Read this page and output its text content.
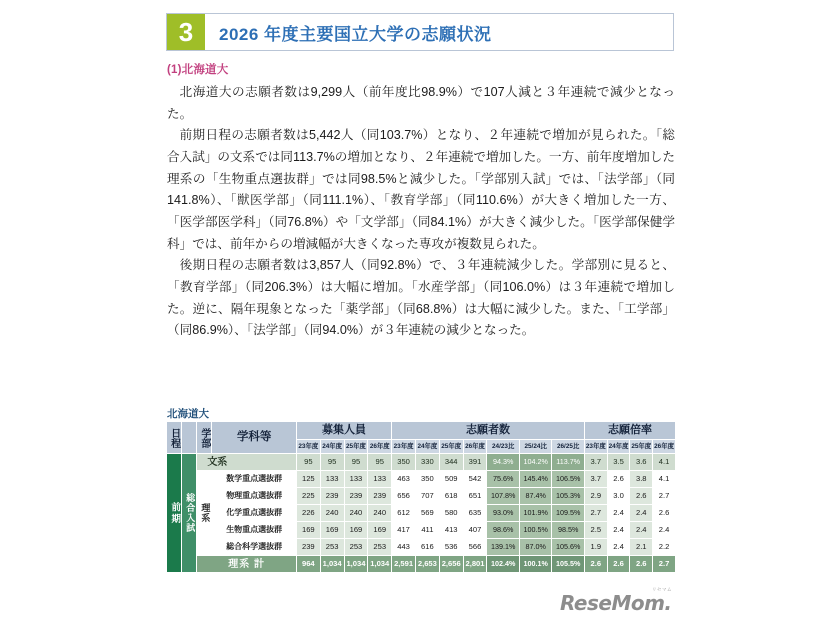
3	2026 年度主要国立大学の志願状況
(1)北海道大

北海道大の志願者数は9,299人（前年度比98.9%）で107人減と３年連続で減少となった。

前期日程の志願者数は5,442人（同103.7%）となり、２年連続で増加が見られた。「総合入試」の文系では同113.7%の増加となり、２年連続で増加した。一方、前年度増加した理系の「生物重点選抜群」では同98.5%と減少した。「学部別入試」では、「法学部」（同141.8%）、「獣医学部」（同111.1%）、「教育学部」（同110.6%）が大きく増加した一方、「医学部医学科」（同76.8%）や「文学部」（同84.1%）が大きく減少した。「医学部保健学科」では、前年からの増減幅が大きくなった専攻が複数見られた。

後期日程の志願者数は3,857人（同92.8%）で、３年連続減少した。学部別に見ると、「教育学部」（同206.3%）は大幅に増加。「水産学部」（同106.0%）は３年連続で増加した。逆に、隔年現象となった「薬学部」（同68.8%）は大幅に減少した。また、「工学部」（同86.9%）、「法学部」（同94.0%）が３年連続の減少となった。

北海道大
日程		学部	学科等	募集人員				志願者数							志願倍率			
				23年度	24年度	25年度	26年度	23年度	24年度	25年度	26年度	24/23比	25/24比	26/25比	23年度	24年度	25年度	26年度
前期	総合入試	文系		95	95	95	95	350	330	344	391	94.3%	104.2%	113.7%	3.7	3.5	3.6	4.1
		理系	数学重点選抜群	125	133	133	133	463	350	509	542	75.6%	145.4%	106.5%	3.7	2.6	3.8	4.1
			物理重点選抜群	225	239	239	239	656	707	618	651	107.8%	87.4%	105.3%	2.9	3.0	2.6	2.7
			化学重点選抜群	226	240	240	240	612	569	580	635	93.0%	101.9%	109.5%	2.7	2.4	2.4	2.6
			生物重点選抜群	169	169	169	169	417	411	413	407	98.6%	100.5%	98.5%	2.5	2.4	2.4	2.4
			総合科学選抜群	239	253	253	253	443	616	536	566	139.1%	87.0%	105.6%	1.9	2.4	2.1	2.2
		理系 計		964	1,034	1,034	1,034	2,591	2,653	2,656	2,801	102.4%	100.1%	105.5%	2.6	2.6	2.6	2.7
リセマム
ReseMom.
